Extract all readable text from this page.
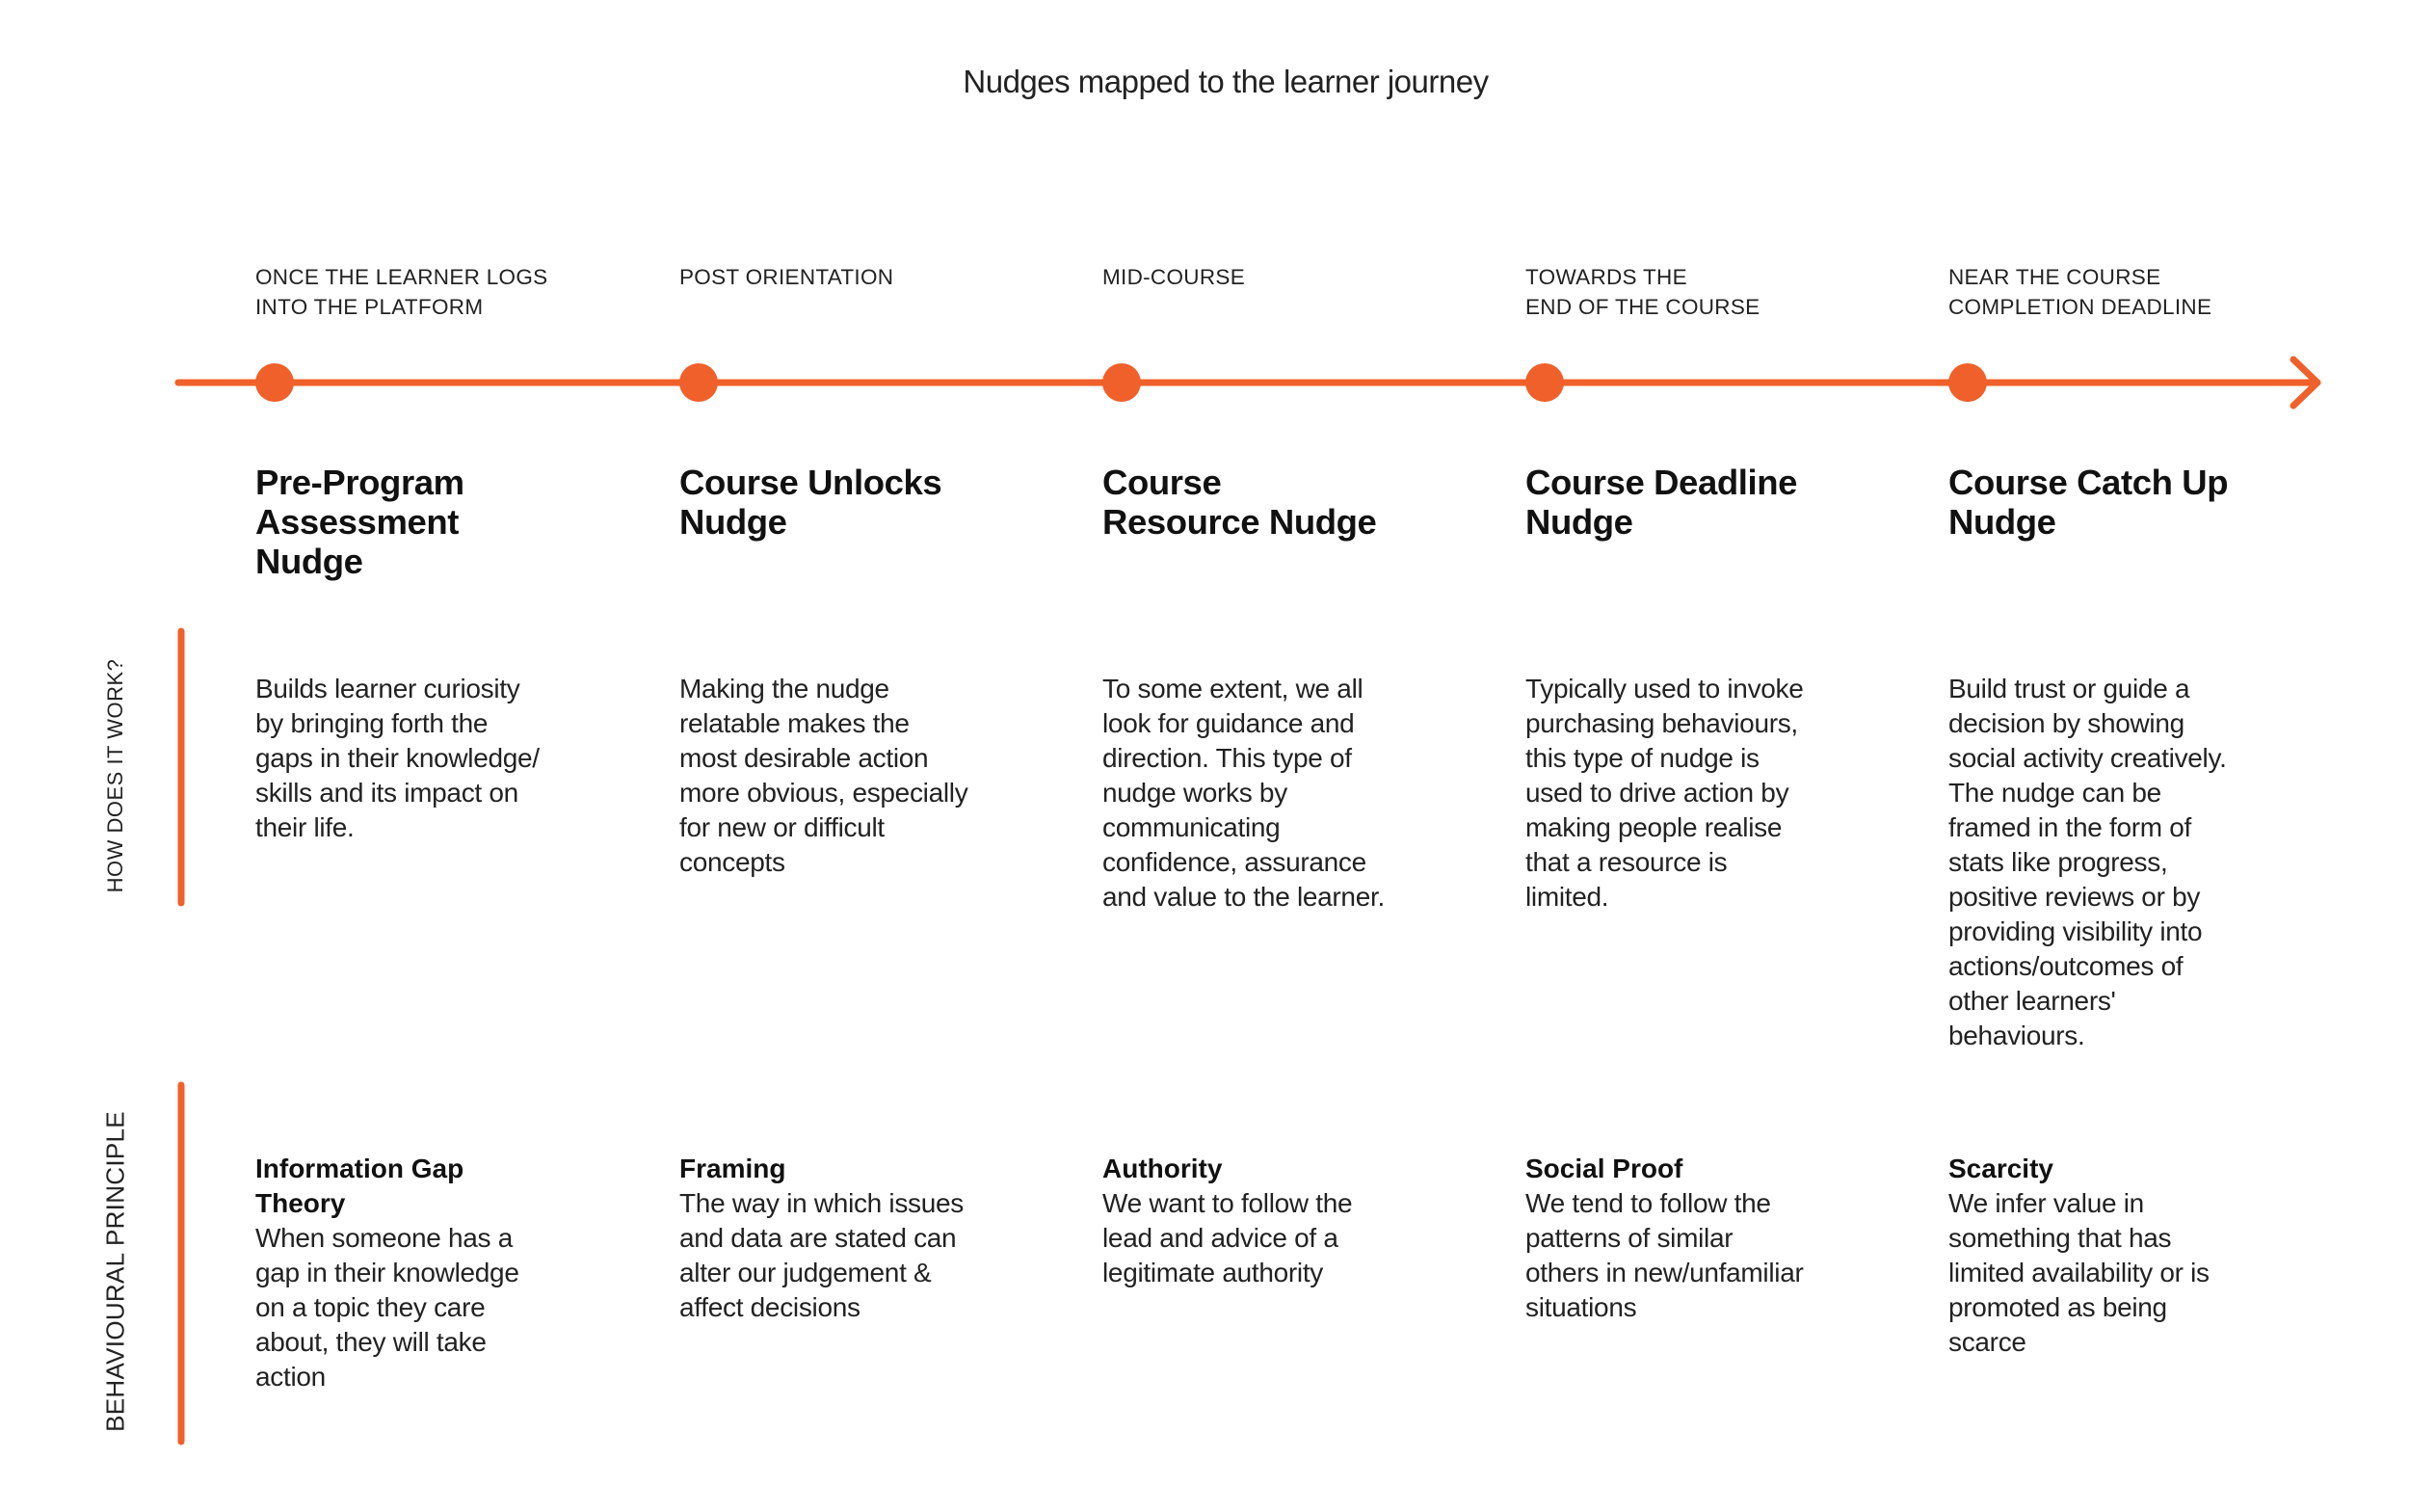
Nudges mapped to the learner journey
HOW DOES IT WORK?
BEHAVIOURAL PRINCIPLE
ONCE THE LEARNER LOGS
INTO THE PLATFORM
Pre-Program
Assessment
Nudge
Builds learner curiosity
by bringing forth the
gaps in their knowledge/
skills and its impact on
their life.
Information Gap
Theory
When someone has a
gap in their knowledge
on a topic they care
about, they will take
action
POST ORIENTATION
Course Unlocks
Nudge
Making the nudge
relatable makes the
most desirable action
more obvious, especially
for new or difficult
concepts
Framing
The way in which issues
and data are stated can
alter our judgement &
affect decisions
MID-COURSE
Course
Resource Nudge
To some extent, we all
look for guidance and
direction. This type of
nudge works by
communicating
confidence, assurance
and value to the learner.
Authority
We want to follow the
lead and advice of a
legitimate authority
TOWARDS THE
END OF THE COURSE
Course Deadline
Nudge
Typically used to invoke
purchasing behaviours,
this type of nudge is
used to drive action by
making people realise
that a resource is
limited.
Social Proof
We tend to follow the
patterns of similar
others in new/unfamiliar
situations
NEAR THE COURSE
COMPLETION DEADLINE
Course Catch Up
Nudge
Build trust or guide a
decision by showing
social activity creatively.
The nudge can be
framed in the form of
stats like progress,
positive reviews or by
providing visibility into
actions/outcomes of
other learners'
behaviours.
Scarcity
We infer value in
something that has
limited availability or is
promoted as being
scarce
